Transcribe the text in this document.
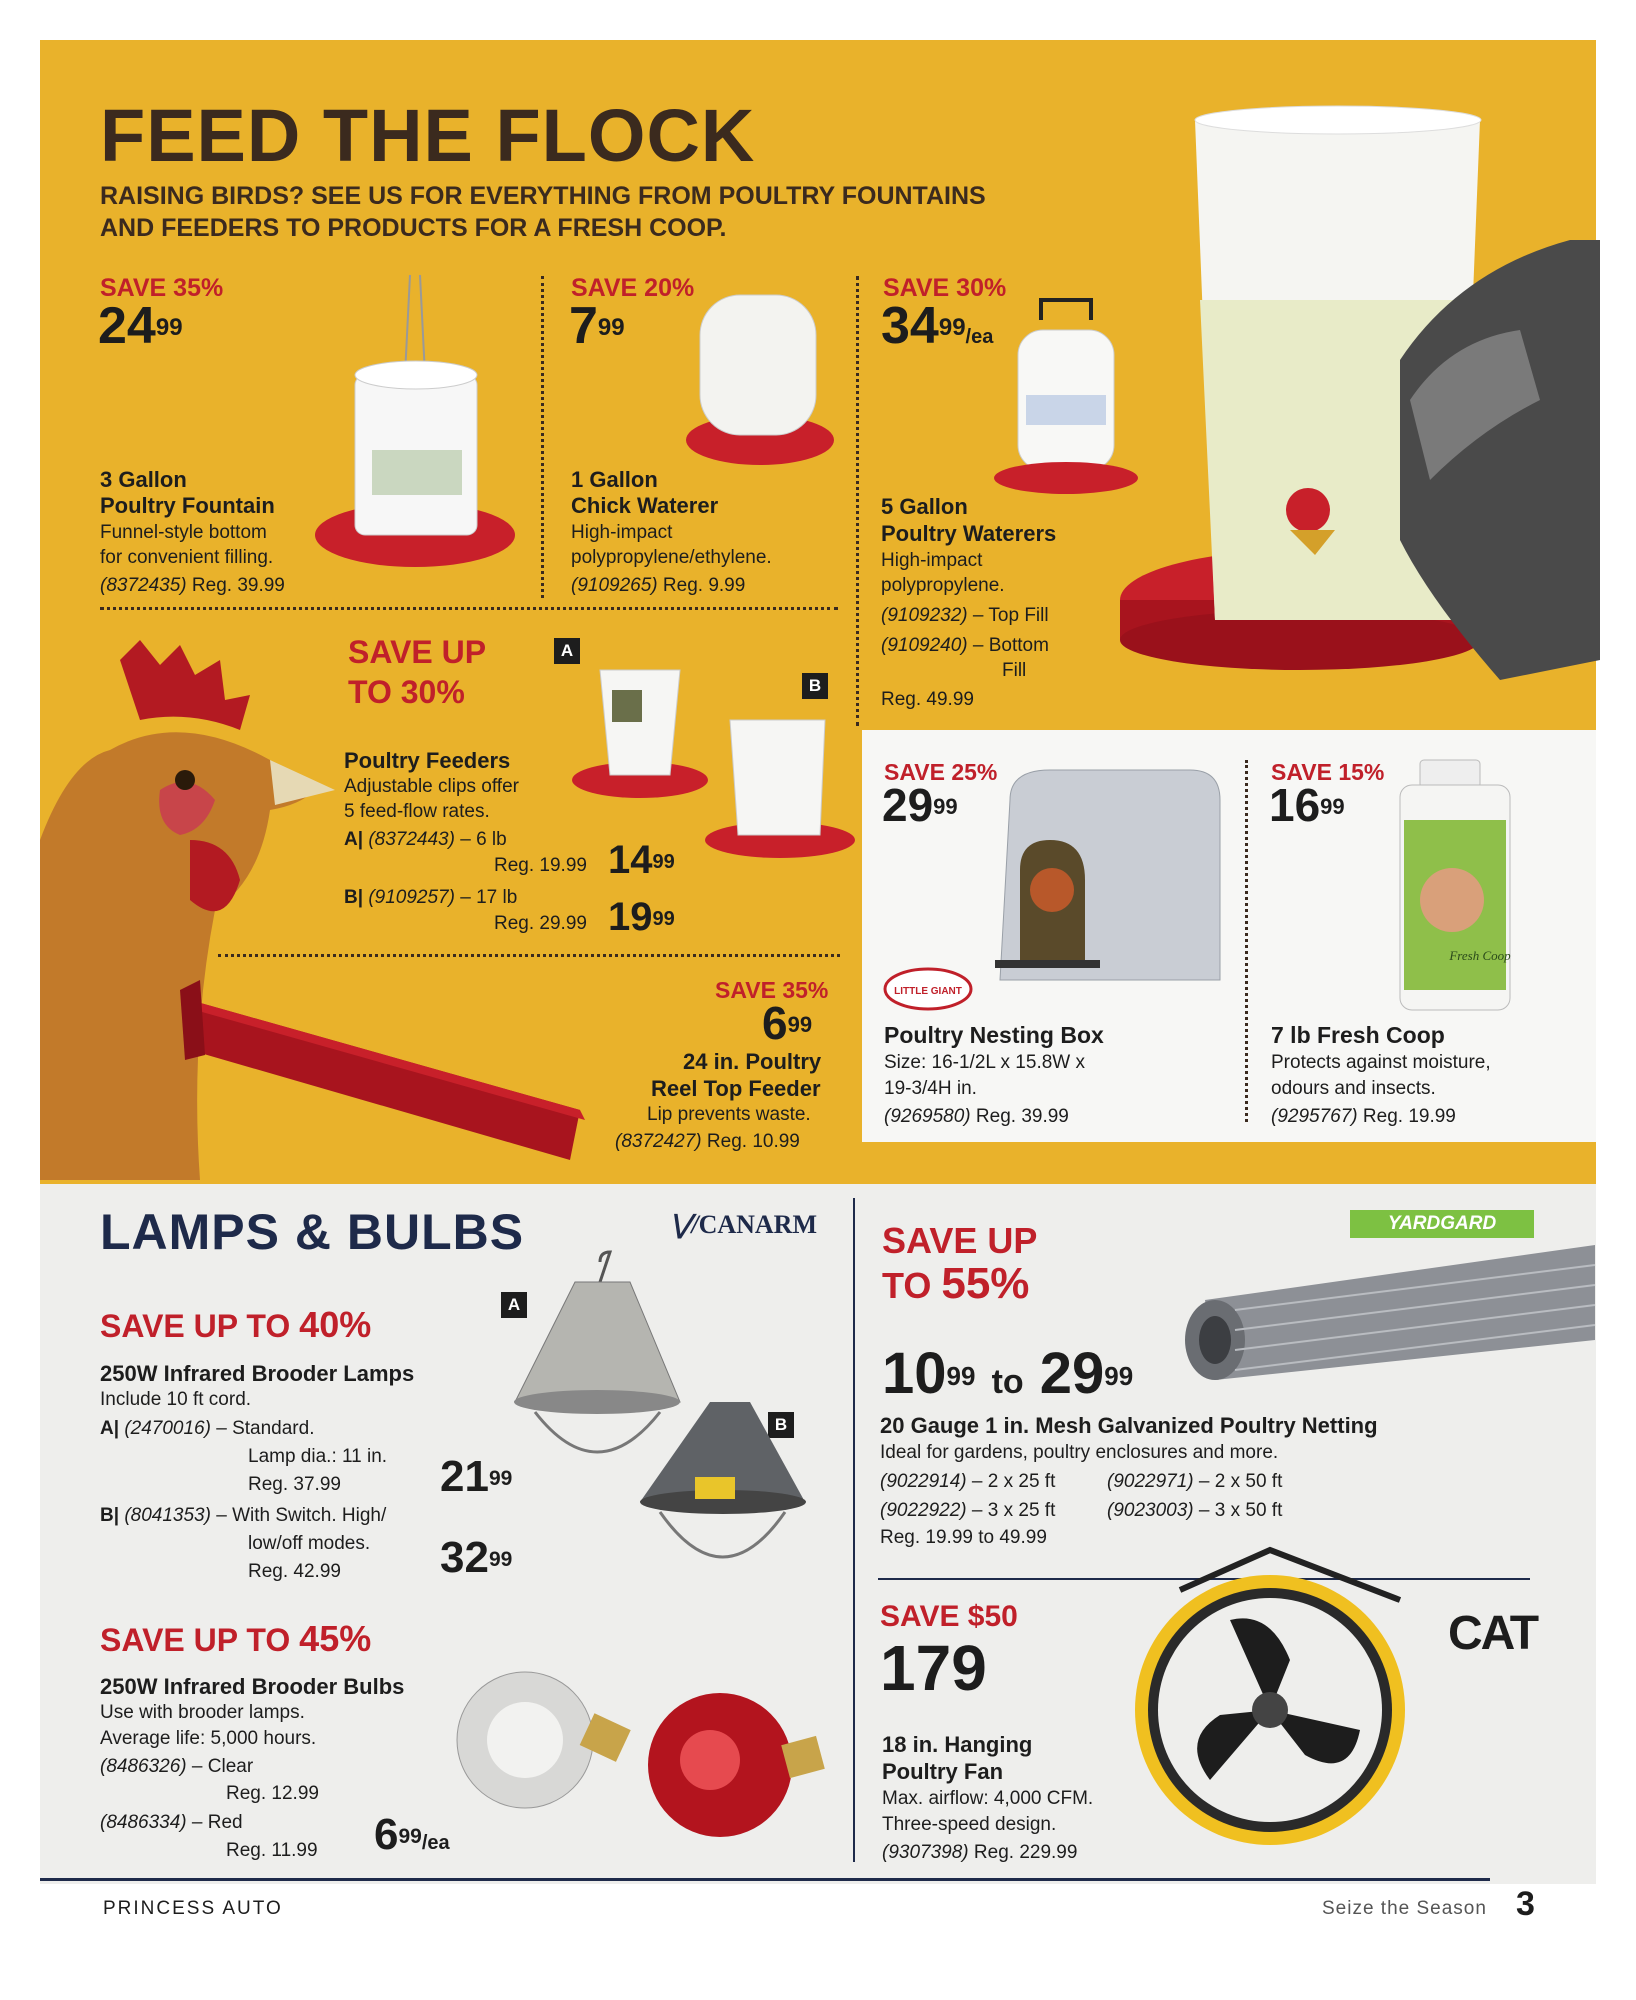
FEED THE FLOCK
RAISING BIRDS? SEE US FOR EVERYTHING FROM POULTRY FOUNTAINS
AND FEEDERS TO PRODUCTS FOR A FRESH COOP.
SAVE 35%
$24^{99}$
3 Gallon
Poultry Fountain
Funnel-style bottom
for convenient filling.
(8372435) Reg. 39.99
SAVE 20%
$7^{99}$
1 Gallon
Chick Waterer
High-impact
polypropylene/ethylene.
(9109265) Reg. 9.99
SAVE 30%
$34^{99}/ea$
5 Gallon
Poultry Waterers
High-impact
polypropylene.
(9109232) – Top Fill
(9109240) – Bottom
Fill
Reg. 49.99
SAVE UP
TO 30%
A
B
Poultry Feeders
Adjustable clips offer
5 feed-flow rates.
A| (8372443) – 6 lb
Reg. 19.99 $14^{99}$
B| (9109257) – 17 lb
Reg. 29.99 $19^{99}$
SAVE 35%
$6^{99}$
24 in. Poultry
Reel Top Feeder
Lip prevents waste.
(8372427) Reg. 10.99
SAVE 25%
$29^{99}$
LITTLE GIANT
Poultry Nesting Box
Size: 16-1/2L x 15.8W x
19-3/4H in.
(9269580) Reg. 39.99
SAVE 15%
$16^{99}$
Fresh Coop
7 lb Fresh Coop
Protects against moisture,
odours and insects.
(9295767) Reg. 19.99
LAMPS & BULBS	⋁/CANARM
SAVE UP TO 40%
250W Infrared Brooder Lamps
Include 10 ft cord.
A| (2470016) – Standard.
Lamp dia.: 11 in.
Reg. 37.99 $21^{99}$
B| (8041353) – With Switch. High/
low/off modes.
Reg. 42.99 $32^{99}$
A
B
SAVE UP TO 45%
250W Infrared Brooder Bulbs
Use with brooder lamps.
Average life: 5,000 hours.
(8486326) – Clear
Reg. 12.99
(8486334) – Red
Reg. 11.99 $6^{99}/ea$
YARDGARD
SAVE UP
TO 55%
$10^{99}$ to $29^{99}$
20 Gauge 1 in. Mesh Galvanized Poultry Netting
Ideal for gardens, poultry enclosures and more.
(9022914) – 2 x 25 ft	(9022971) – 2 x 50 ft
(9022922) – 3 x 25 ft	(9023003) – 3 x 50 ft
Reg. 19.99 to 49.99
CAT
SAVE $50
179
18 in. Hanging
Poultry Fan
Max. airflow: 4,000 CFM.
Three-speed design.
(9307398) Reg. 229.99
PRINCESS AUTO	Seize the Season 3
